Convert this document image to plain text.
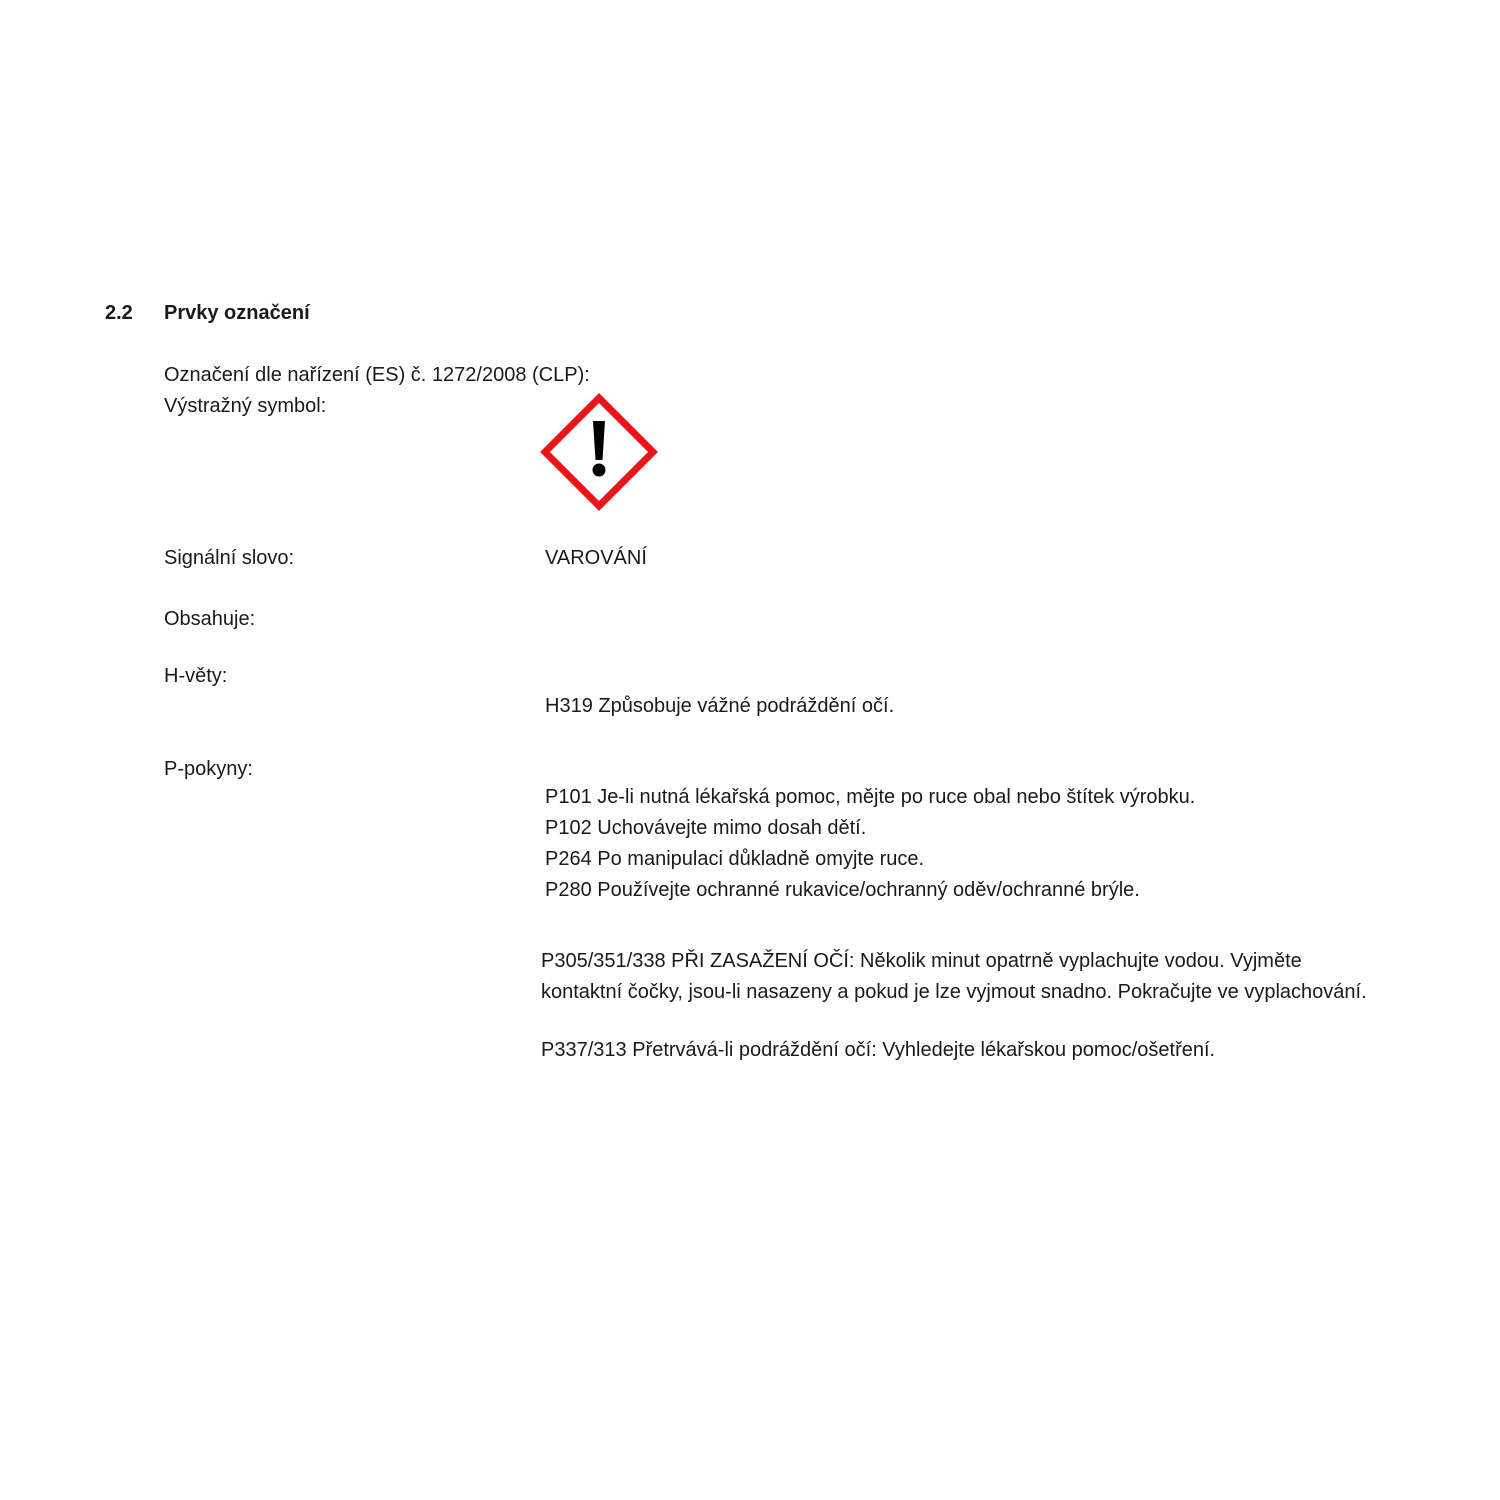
2.2 Prvky označení
Označení dle nařízení (ES) č. 1272/2008 (CLP):
Výstražný symbol:
Signální slovo:	VAROVÁNÍ
Obsahuje:
H-věty:
H319 Způsobuje vážné podráždění očí.
P-pokyny:
P101 Je-li nutná lékařská pomoc, mějte po ruce obal nebo štítek výrobku.
P102 Uchovávejte mimo dosah dětí.
P264 Po manipulaci důkladně omyjte ruce.
P280 Používejte ochranné rukavice/ochranný oděv/ochranné brýle.
P305/351/338 PŘI ZASAŽENÍ OČÍ: Několik minut opatrně vyplachujte vodou. Vyjměte
kontaktní čočky, jsou-li nasazeny a pokud je lze vyjmout snadno. Pokračujte ve vyplachování.
P337/313 Přetrvává-li podráždění očí: Vyhledejte lékařskou pomoc/ošetření.
